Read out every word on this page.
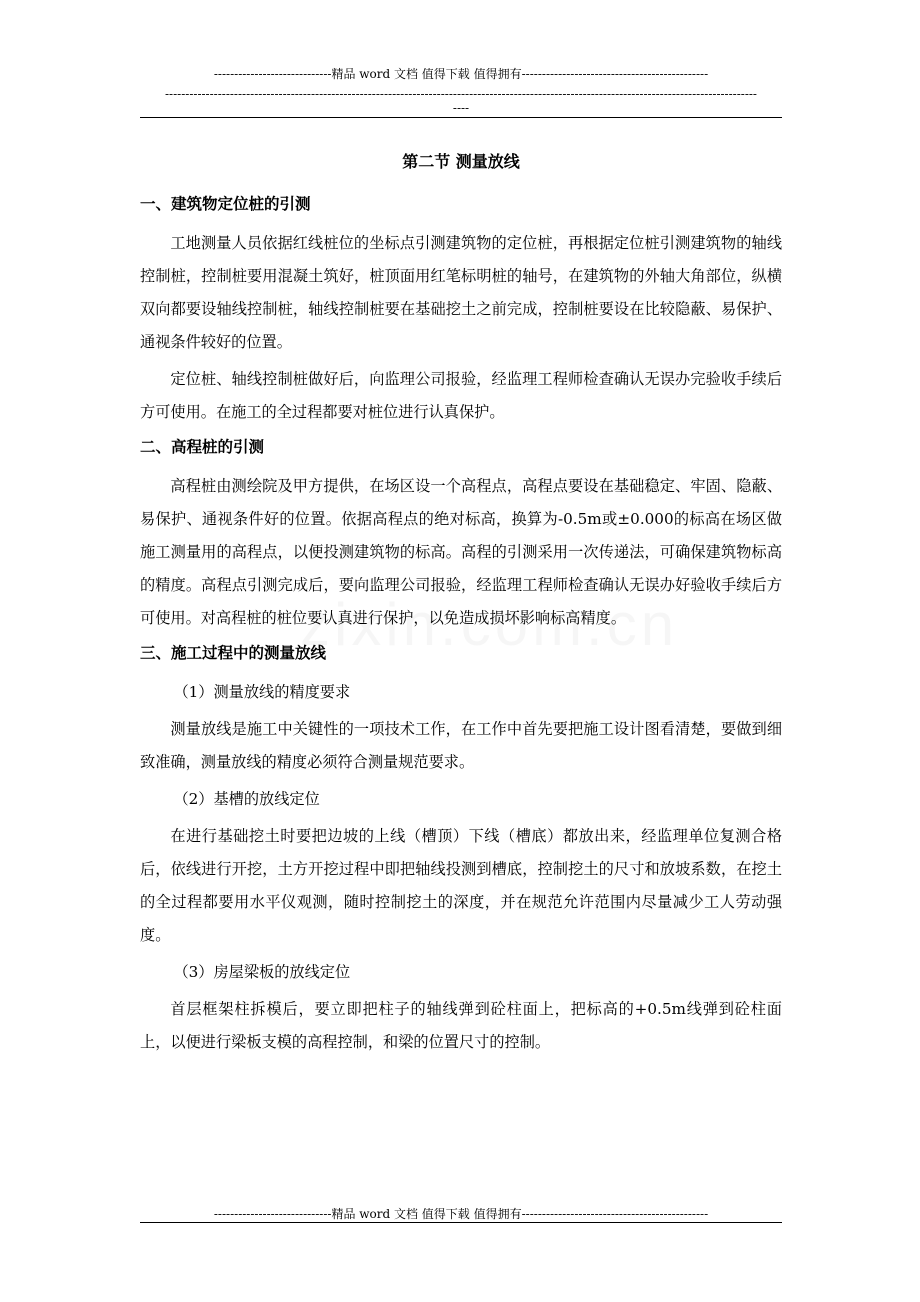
-----------------------------精品 word 文档 值得下载 值得拥有----------------------------------------------
--------------------------------------------------------------------------------------------------------------------------------------------------
----
第二节 测量放线
一、建筑物定位桩的引测
工地测量人员依据红线桩位的坐标点引测建筑物的定位桩，再根据定位桩引测建筑物的轴线控制桩，控制桩要用混凝土筑好，桩顶面用红笔标明桩的轴号，在建筑物的外轴大角部位，纵横双向都要设轴线控制桩，轴线控制桩要在基础挖土之前完成，控制桩要设在比较隐蔽、易保护、通视条件较好的位置。
定位桩、轴线控制桩做好后，向监理公司报验，经监理工程师检查确认无误办完验收手续后方可使用。在施工的全过程都要对桩位进行认真保护。
二、高程桩的引测
高程桩由测绘院及甲方提供，在场区设一个高程点，高程点要设在基础稳定、牢固、隐蔽、易保护、通视条件好的位置。依据高程点的绝对标高，换算为-0.5m或±0.000的标高在场区做施工测量用的高程点，以便投测建筑物的标高。高程的引测采用一次传递法，可确保建筑物标高的精度。高程点引测完成后，要向监理公司报验，经监理工程师检查确认无误办好验收手续后方可使用。对高程桩的桩位要认真进行保护，以免造成损坏影响标高精度。
三、施工过程中的测量放线
（1）测量放线的精度要求
测量放线是施工中关键性的一项技术工作，在工作中首先要把施工设计图看清楚，要做到细致准确，测量放线的精度必须符合测量规范要求。
（2）基槽的放线定位
在进行基础挖土时要把边坡的上线（槽顶）下线（槽底）都放出来，经监理单位复测合格后，依线进行开挖，土方开挖过程中即把轴线投测到槽底，控制挖土的尺寸和放坡系数，在挖土的全过程都要用水平仪观测，随时控制挖土的深度，并在规范允许范围内尽量减少工人劳动强度。
（3）房屋梁板的放线定位
首层框架柱拆模后，要立即把柱子的轴线弹到砼柱面上，把标高的+0.5m线弹到砼柱面上，以便进行梁板支模的高程控制，和梁的位置尺寸的控制。
-----------------------------精品 word 文档 值得下载 值得拥有----------------------------------------------
